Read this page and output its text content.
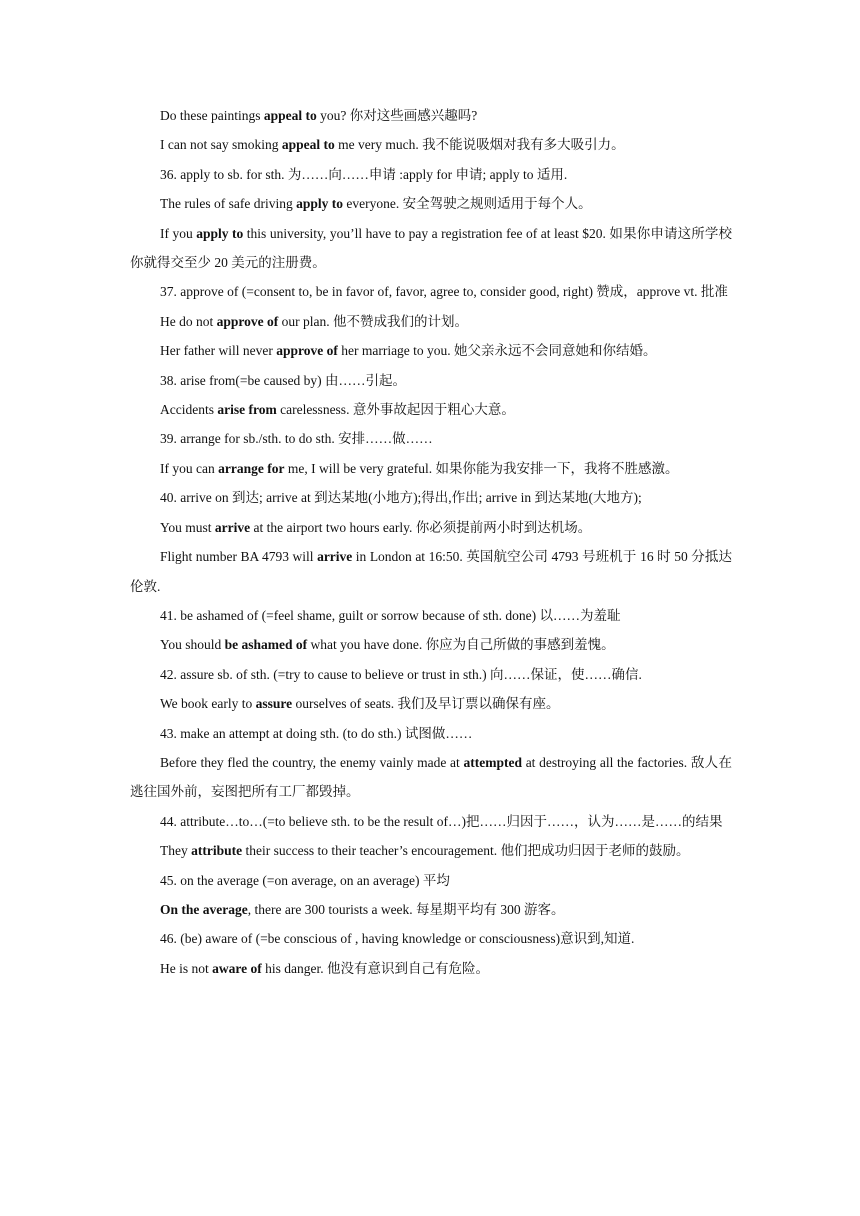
Do these paintings appeal to you? 你对这些画感兴趣吗?

I can not say smoking appeal to me very much. 我不能说吸烟对我有多大吸引力。

36. apply to sb. for sth. 为……向……申请 :apply for 申请; apply to 适用.

The rules of safe driving apply to everyone. 安全驾驶之规则适用于每个人。

If you apply to this university, you’ll have to pay a registration fee of at least $20. 如果你申请这所学校你就得交至少 20 美元的注册费。

37. approve of (=consent to, be in favor of, favor, agree to, consider good, right) 赞成，approve vt. 批准

He do not approve of our plan. 他不赞成我们的计划。

Her father will never approve of her marriage to you. 她父亲永远不会同意她和你结婚。

38. arise from(=be caused by) 由……引起。

Accidents arise from carelessness. 意外事故起因于粗心大意。

39. arrange for sb./sth. to do sth. 安排……做……

If you can arrange for me, I will be very grateful. 如果你能为我安排一下，我将不胜感激。

40. arrive on 到达; arrive at 到达某地(小地方);得出,作出; arrive in 到达某地(大地方);

You must arrive at the airport two hours early. 你必须提前两小时到达机场。

Flight number BA 4793 will arrive in London at 16:50. 英国航空公司 4793 号班机于 16 时 50 分抵达伦敦.

41. be ashamed of (=feel shame, guilt or sorrow because of sth. done) 以……为羞耻

You should be ashamed of what you have done. 你应为自己所做的事感到羞愧。

42. assure sb. of sth. (=try to cause to believe or trust in sth.) 向……保证，使……确信.

We book early to assure ourselves of seats. 我们及早订票以确保有座。

43. make an attempt at doing sth. (to do sth.) 试图做……

Before they fled the country, the enemy vainly made at attempted at destroying all the factories. 敌人在逃往国外前，妄图把所有工厂都毁掉。

44. attribute…to…(=to believe sth. to be the result of…)把……归因于……，认为……是……的结果

They attribute their success to their teacher’s encouragement. 他们把成功归因于老师的鼓励。

45. on the average (=on average, on an average) 平均

On the average, there are 300 tourists a week. 每星期平均有 300 游客。

46. (be) aware of (=be conscious of , having knowledge or consciousness)意识到,知道.

He is not aware of his danger. 他没有意识到自己有危险。
